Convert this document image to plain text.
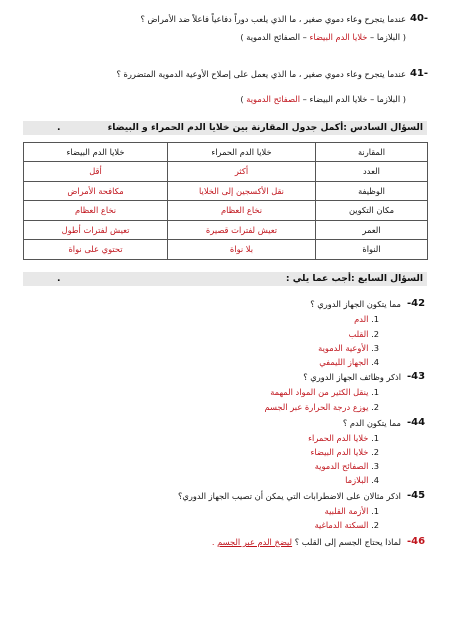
40-
عندما يتجرح وعاء دموي صغير ، ما الذي يلعب دوراً دفاعياً فاعلاً ضد الأمراض ؟
( البلازما – خلايا الدم البيضاء – الصفائح الدموية )
41-
عندما يتجرح وعاء دموي صغير ، ما الذي يعمل على إصلاح الأوعية الدموية المتضررة ؟
( البلازما – خلايا الدم البيضاء – الصفائح الدموية )
السؤال السادس :أكمل جدول المقارنة بين خلايا الدم الحمراء و البيضاء
.
المقارنة	خلايا الدم الحمراء	خلايا الدم البيضاء
العدد	أكثر	أقل
الوظيفة	نقل الأكسجين إلى الخلايا	مكافحة الأمراض
مكان التكوين	نخاع العظام	نخاع العظام
العمر	تعيش لفترات قصيرة	تعيش لفترات أطول
النواة	بلا نواة	تحتوي على نواة
السؤال السابع :أجب عما يلي :
.
-42
مما يتكون الجهاز الدوري ؟
.1 الدم
.2 القلب
.3 الأوعية الدموية
.4 الجهاز الليمفي
-43
اذكر وظائف الجهاز الدوري ؟
.1 ينقل الكثير من المواد المهمة
.2 يوزع درجة الحرارة عبر الجسم
-44
مما يتكون الدم ؟
.1 خلايا الدم الحمراء
.2 خلايا الدم البيضاء
.3 الصفائح الدموية
.4 البلازما
-45
اذكر مثالان على الاضطرابات التي يمكن أن تصيب الجهاز الدوري؟
.1 الأزمة القلبية
.2 السكتة الدماغية
-46
لماذا يحتاج الجسم إلى القلب ؟ ليضخ الدم عبر الجسم .
